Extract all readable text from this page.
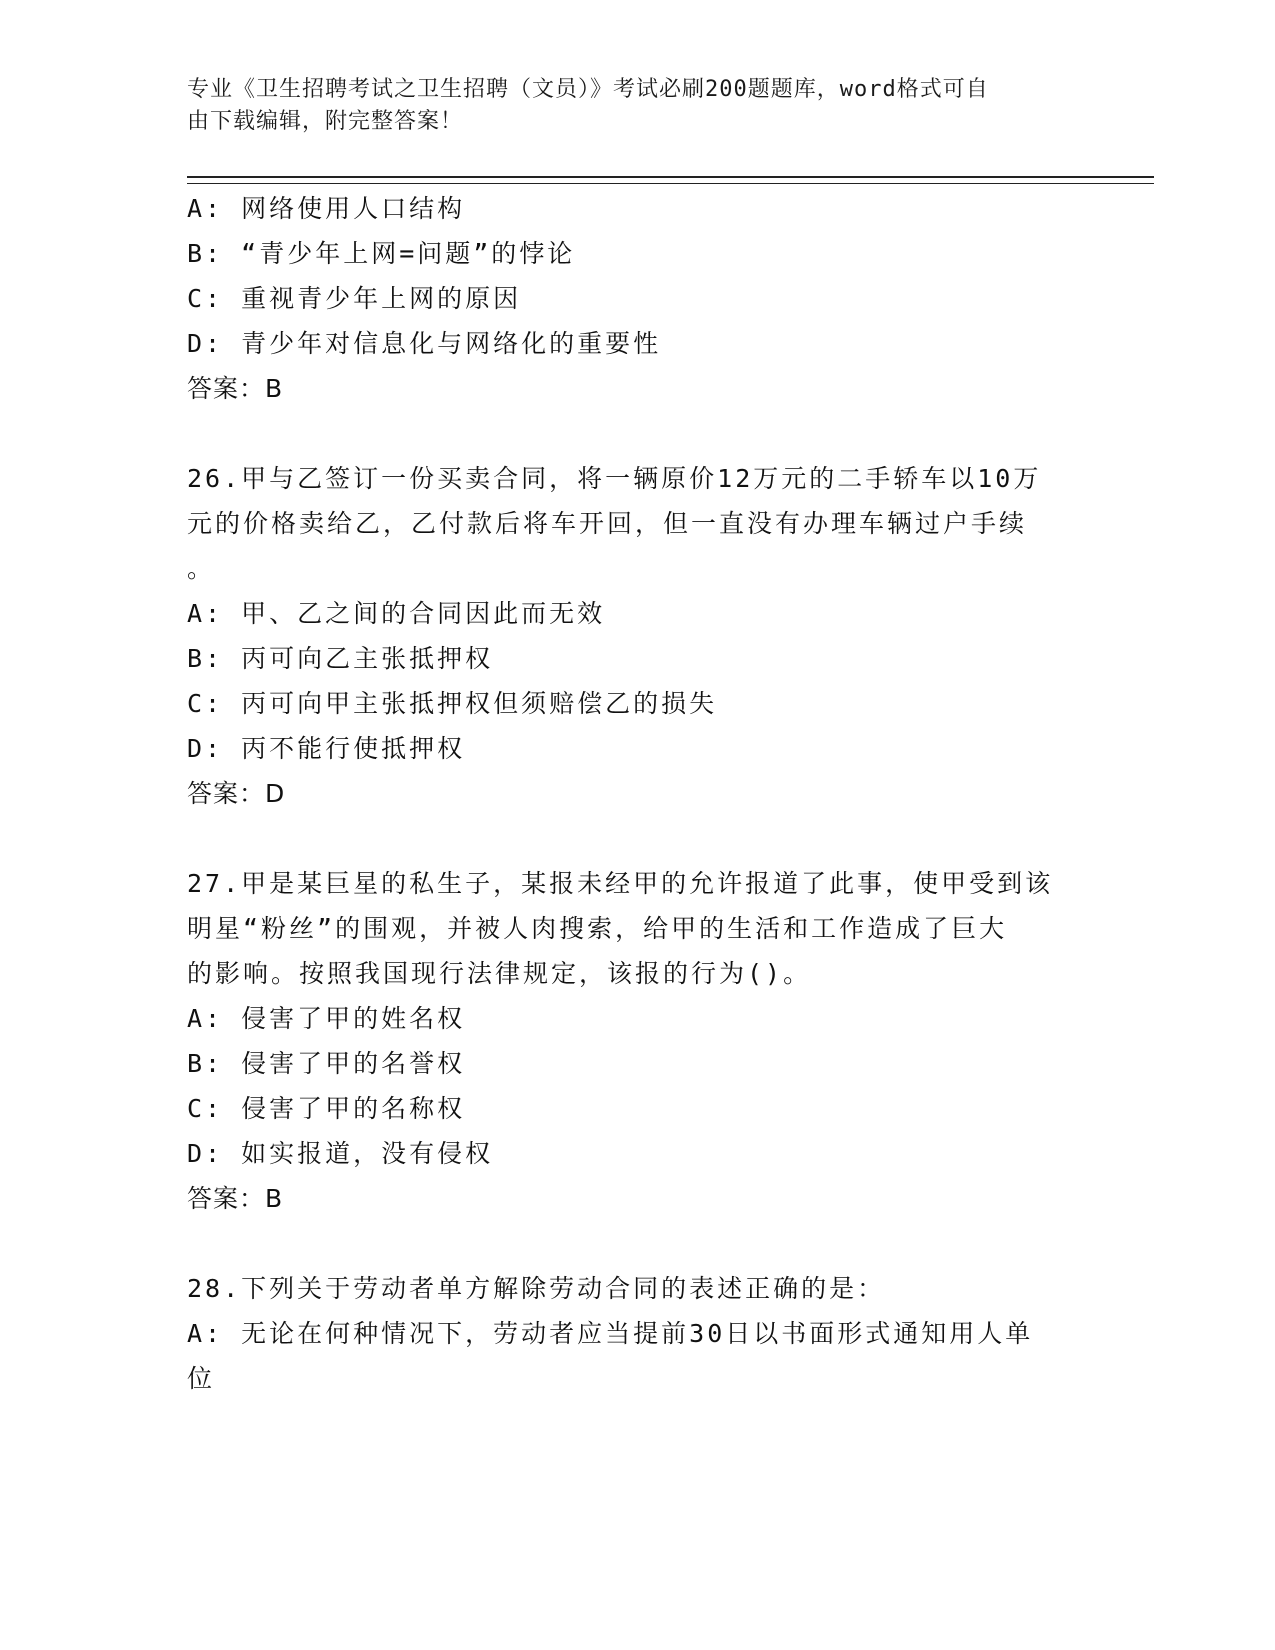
专业《卫生招聘考试之卫生招聘（文员）》考试必刷200题题库，word格式可自
由下载编辑，附完整答案！
A: 网络使用人口结构
B: “青少年上网=问题”的悖论
C: 重视青少年上网的原因
D: 青少年对信息化与网络化的重要性
答案：B
26.甲与乙签订一份买卖合同，将一辆原价12万元的二手轿车以10万
元的价格卖给乙，乙付款后将车开回，但一直没有办理车辆过户手续
。
A: 甲、乙之间的合同因此而无效
B: 丙可向乙主张抵押权
C: 丙可向甲主张抵押权但须赔偿乙的损失
D: 丙不能行使抵押权
答案：D
27.甲是某巨星的私生子，某报未经甲的允许报道了此事，使甲受到该
明星“粉丝”的围观，并被人肉搜索，给甲的生活和工作造成了巨大
的影响。按照我国现行法律规定，该报的行为()。
A: 侵害了甲的姓名权
B: 侵害了甲的名誉权
C: 侵害了甲的名称权
D: 如实报道，没有侵权
答案：B
28.下列关于劳动者单方解除劳动合同的表述正确的是：
A: 无论在何种情况下，劳动者应当提前30日以书面形式通知用人单
位
